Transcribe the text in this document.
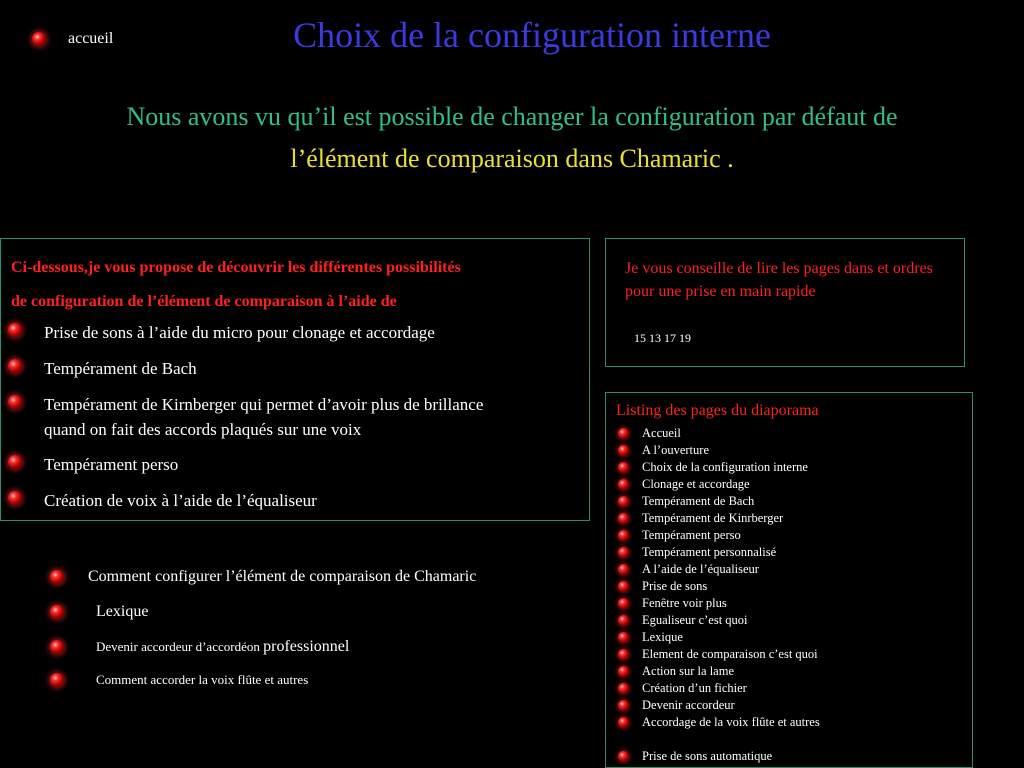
accueil	Choix de la configuration interne
Nous avons vu qu’il est possible de changer la configuration par défaut de
l’élément de comparaison dans Chamaric .
Ci-dessous,je vous propose de découvrir les différentes possibilités
de configuration de l’élément de comparaison à l’aide de
Prise de sons à l’aide du micro pour clonage et accordage
Tempérament de Bach
Tempérament de Kirnberger qui permet d’avoir plus de brillance quand on fait des accords plaqués sur une voix
Tempérament perso
Création de voix à l’aide de l’équaliseur
Je vous conseille de lire les pages dans et ordres pour une prise en main rapide
15 13 17 19
Listing des pages du diaporama
Accueil
A l’ouverture
Choix de la configuration interne
Clonage et accordage
Tempérament de Bach
Tempérament de Kinrberger
Tempérament perso
Tempérament personnalisé
A l’aide de l’équaliseur
Prise de sons
Fenêtre voir plus
Egualiseur c’est quoi
Lexique
Element de comparaison c’est quoi
Action sur la lame
Création d’un fichier
Devenir accordeur
Accordage de la voix flûte et autres
Prise de sons automatique
Comment configurer l’élément de comparaison de Chamaric
Lexique
Devenir accordeur d’accordéon professionnel
Comment accorder la voix flûte et autres
